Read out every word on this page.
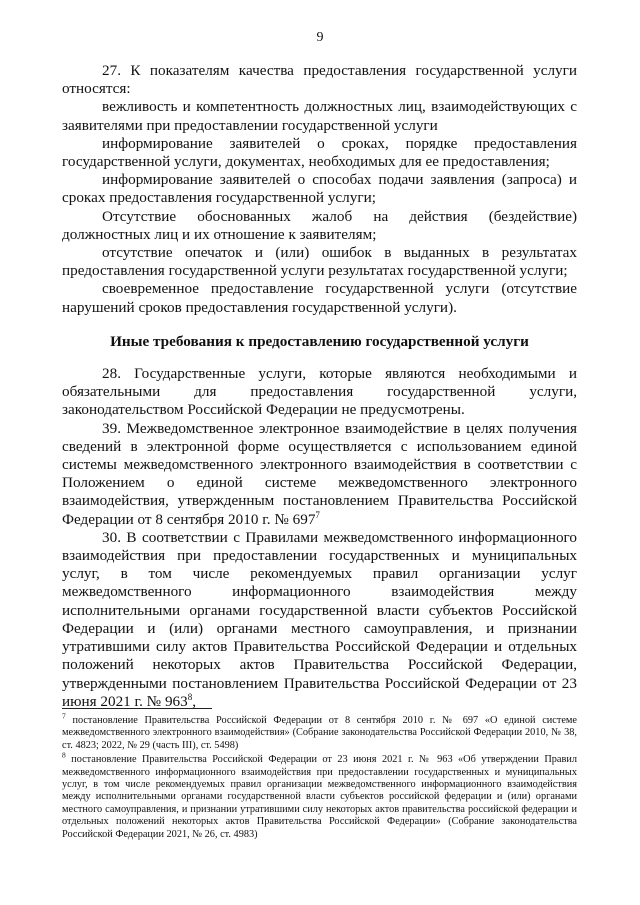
9

27. К показателям качества предоставления государственной услуги относятся:

вежливость и компетентность должностных лиц, взаимодействующих с заявителями при предоставлении государственной услуги

информирование заявителей о сроках, порядке предоставления государственной услуги, документах, необходимых для ее предоставления;

информирование заявителей о способах подачи заявления (запроса) и сроках предоставления государственной услуги;

Отсутствие обоснованных жалоб на действия (бездействие) должностных лиц и их отношение к заявителям;

отсутствие опечаток и (или) ошибок в выданных в результатах предоставления государственной услуги результатах государственной услуги;

своевременное предоставление государственной услуги (отсутствие нарушений сроков предоставления государственной услуги).

Иные требования к предоставлению государственной услуги

28. Государственные услуги, которые являются необходимыми и обязательными для предоставления государственной услуги, законодательством Российской Федерации не предусмотрены.

39. Межведомственное электронное взаимодействие в целях получения сведений в электронной форме осуществляется с использованием единой системы межведомственного электронного взаимодействия в соответствии с Положением о единой системе межведомственного электронного взаимодействия, утвержденным постановлением Правительства Российской Федерации от 8 сентября 2010 г. № $697^7$

30. В соответствии с Правилами межведомственного информационного взаимодействия при предоставлении государственных и муниципальных услуг, в том числе рекомендуемых правил организации услуг межведомственного информационного взаимодействия между исполнительными органами государственной власти субъектов Российской Федерации и (или) органами местного самоуправления, и признании утратившими силу актов Правительства Российской Федерации и отдельных положений некоторых актов Правительства Российской Федерации, утвержденными постановлением Правительства Российской Федерации от 23 июня 2021 г. № $963^8$,

$^7$ постановление Правительства Российской Федерации от 8 сентября 2010 г. № 697 «О единой системе межведомственного электронного взаимодействия» (Собрание законодательства Российской Федерации 2010, № 38, ст. 4823; 2022, № 29 (часть III), ст. 5498)

$^8$ постановление Правительства Российской Федерации от 23 июня 2021 г. № 963 «Об утверждении Правил межведомственного информационного взаимодействия при предоставлении государственных и муниципальных услуг, в том числе рекомендуемых правил организации межведомственного информационного взаимодействия между исполнительными органами государственной власти субъектов российской федерации и (или) органами местного самоуправления, и признании утратившими силу некоторых актов правительства российской федерации и отдельных положений некоторых актов Правительства Российской Федерации» (Собрание законодательства Российской Федерации 2021, № 26, ст. 4983)
